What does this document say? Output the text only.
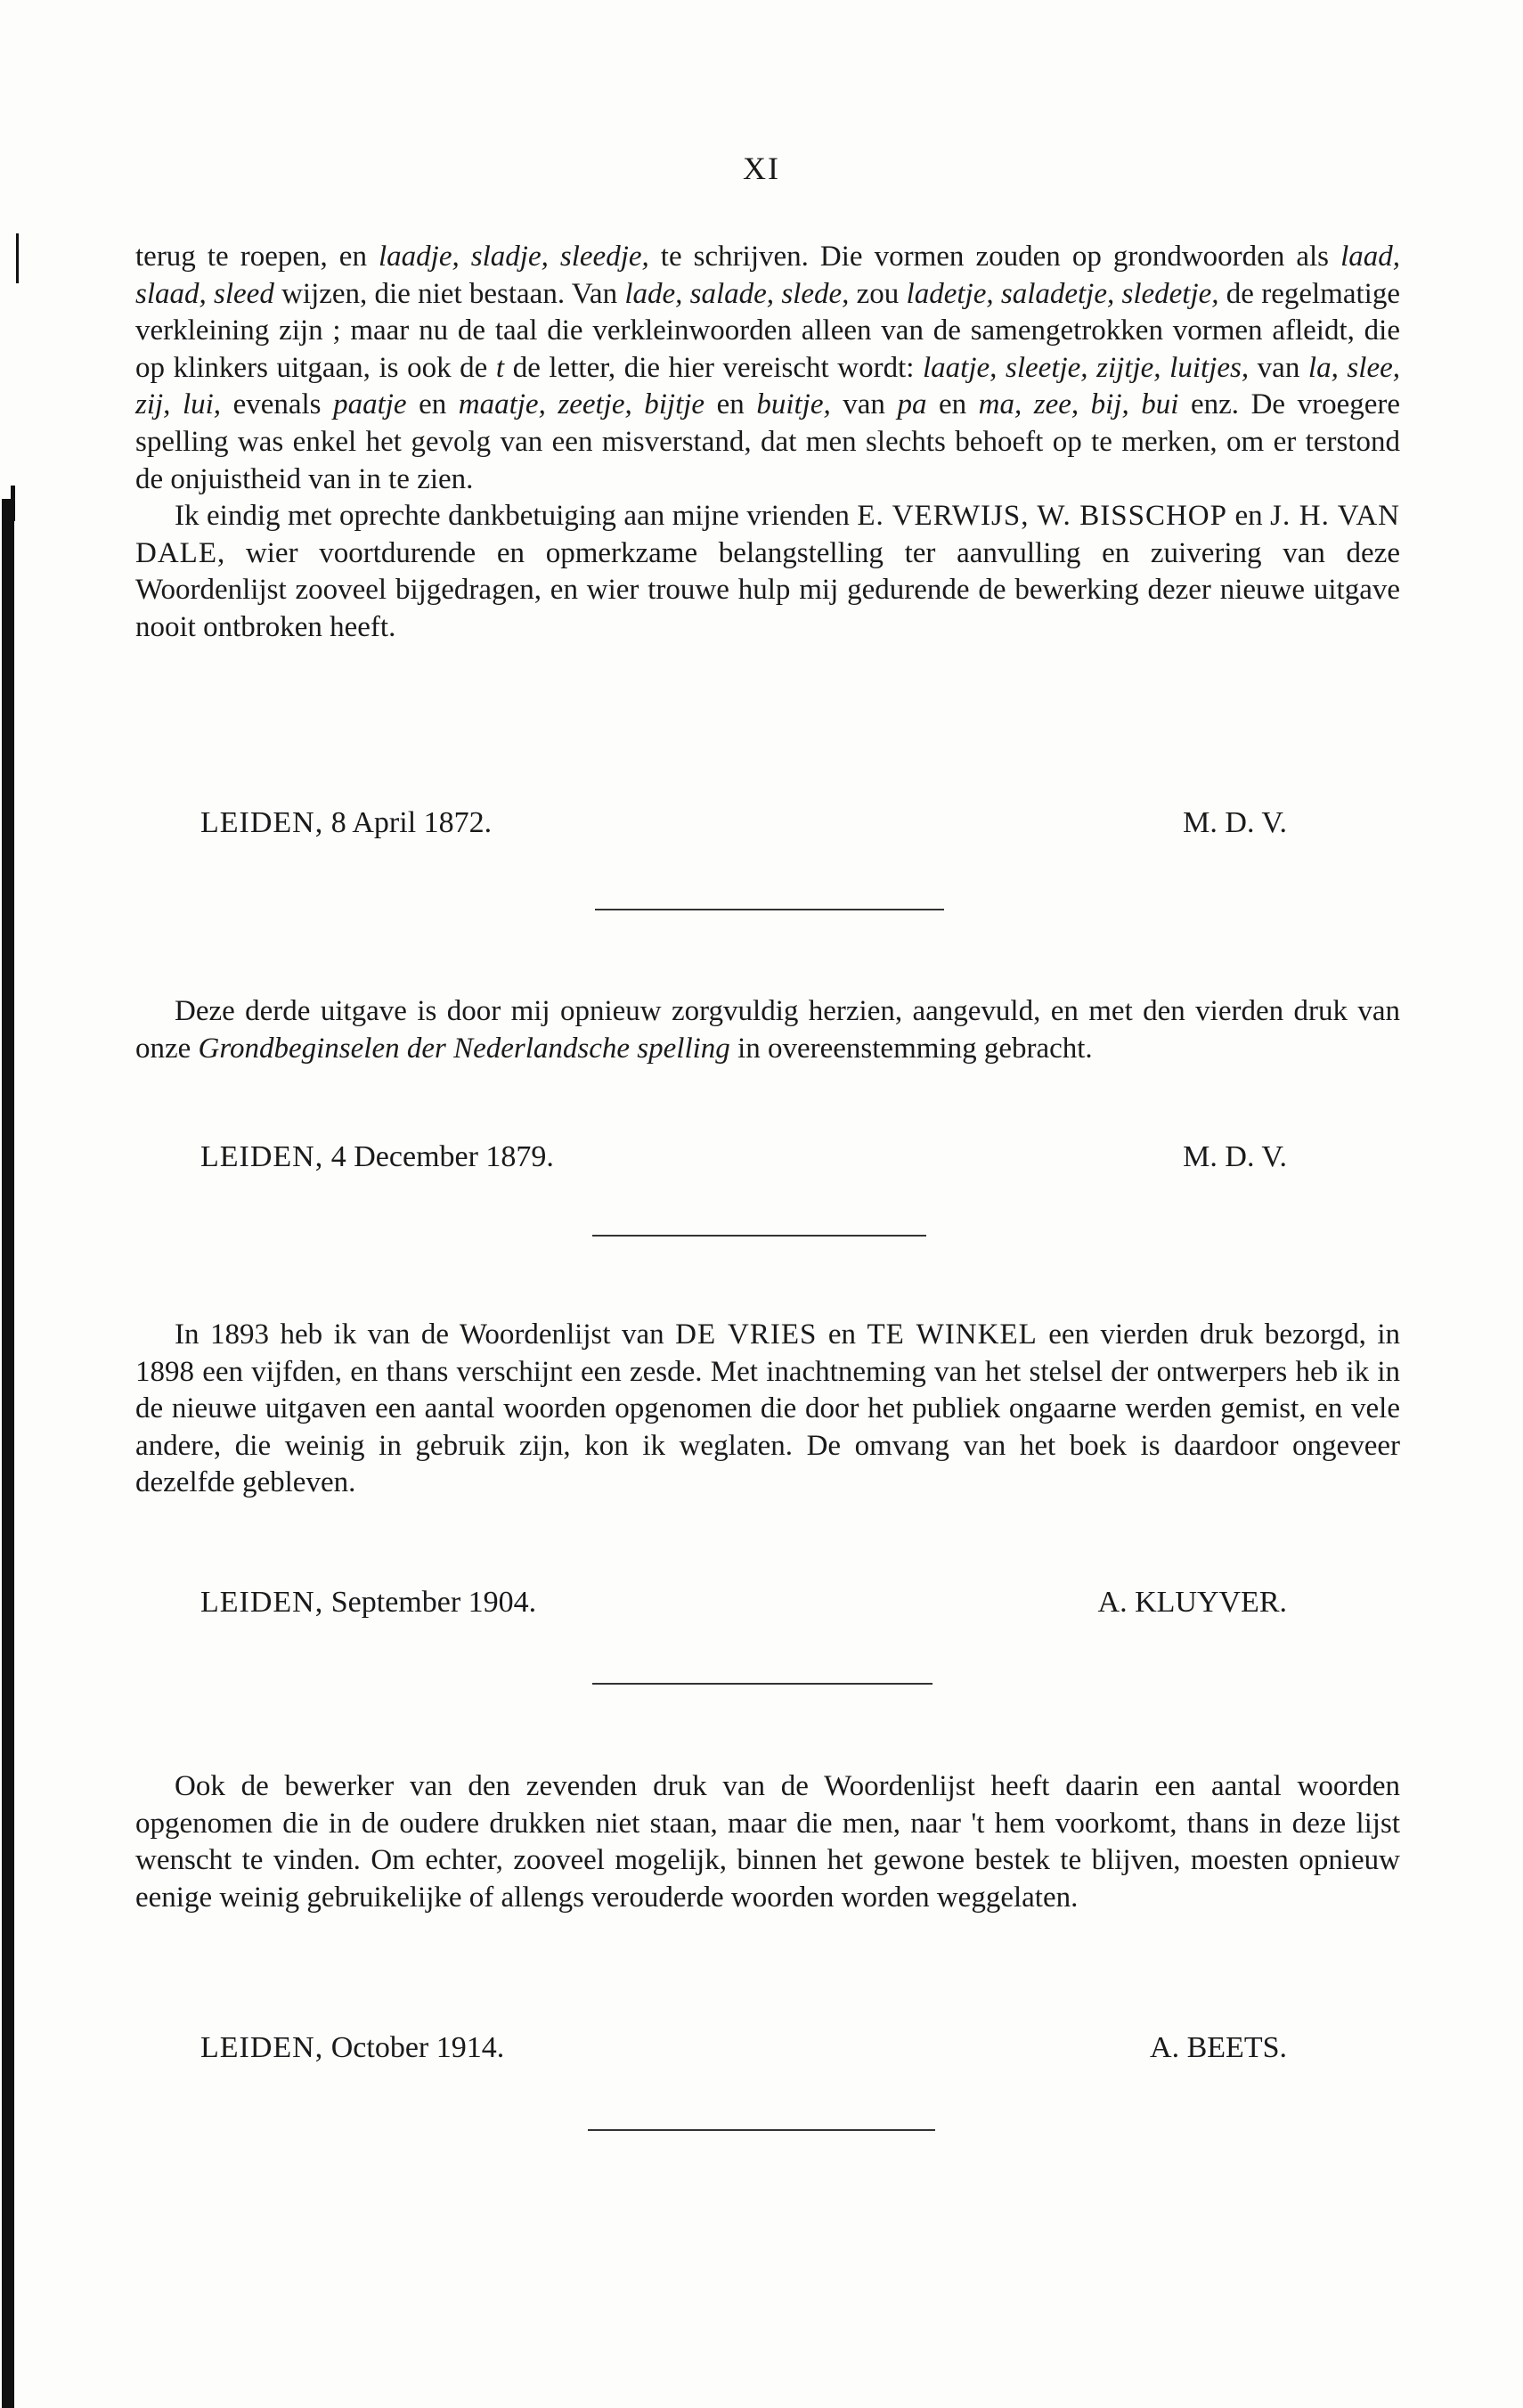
XI

terug te roepen, en laadje, sladje, sleedje, te schrijven. Die vormen zouden op grondwoorden als laad, slaad, sleed wijzen, die niet bestaan. Van lade, salade, slede, zou ladetje, saladetje, sledetje, de regelmatige verkleining zijn ; maar nu de taal die verkleinwoorden alleen van de samengetrokken vormen afleidt, die op klinkers uitgaan, is ook de t de letter, die hier vereischt wordt: laatje, sleetje, zijtje, luitjes, van la, slee, zij, lui, evenals paatje en maatje, zeetje, bijtje en buitje, van pa en ma, zee, bij, bui enz. De vroegere spelling was enkel het gevolg van een misverstand, dat men slechts behoeft op te merken, om er terstond de onjuistheid van in te zien.

Ik eindig met oprechte dankbetuiging aan mijne vrienden E. VERWIJS, W. BISSCHOP en J. H. VAN DALE, wier voortdurende en opmerkzame belangstelling ter aanvulling en zuivering van deze Woordenlijst zooveel bijgedragen, en wier trouwe hulp mij gedurende de bewerking dezer nieuwe uitgave nooit ontbroken heeft.

LEIDEN, 8 April 1872.	M. D. V.

Deze derde uitgave is door mij opnieuw zorgvuldig herzien, aangevuld, en met den vierden druk van onze Grondbeginselen der Nederlandsche spelling in overeenstemming gebracht.

LEIDEN, 4 December 1879.	M. D. V.

In 1893 heb ik van de Woordenlijst van DE VRIES en TE WINKEL een vierden druk bezorgd, in 1898 een vijfden, en thans verschijnt een zesde. Met inachtneming van het stelsel der ontwerpers heb ik in de nieuwe uitgaven een aantal woorden opgenomen die door het publiek ongaarne werden gemist, en vele andere, die weinig in gebruik zijn, kon ik weglaten. De omvang van het boek is daardoor ongeveer dezelfde gebleven.

LEIDEN, September 1904.	A. KLUYVER.

Ook de bewerker van den zevenden druk van de Woordenlijst heeft daarin een aantal woorden opgenomen die in de oudere drukken niet staan, maar die men, naar 't hem voorkomt, thans in deze lijst wenscht te vinden. Om echter, zooveel mogelijk, binnen het gewone bestek te blijven, moesten opnieuw eenige weinig gebruikelijke of allengs verouderde woorden worden weggelaten.

LEIDEN, October 1914.	A. BEETS.
